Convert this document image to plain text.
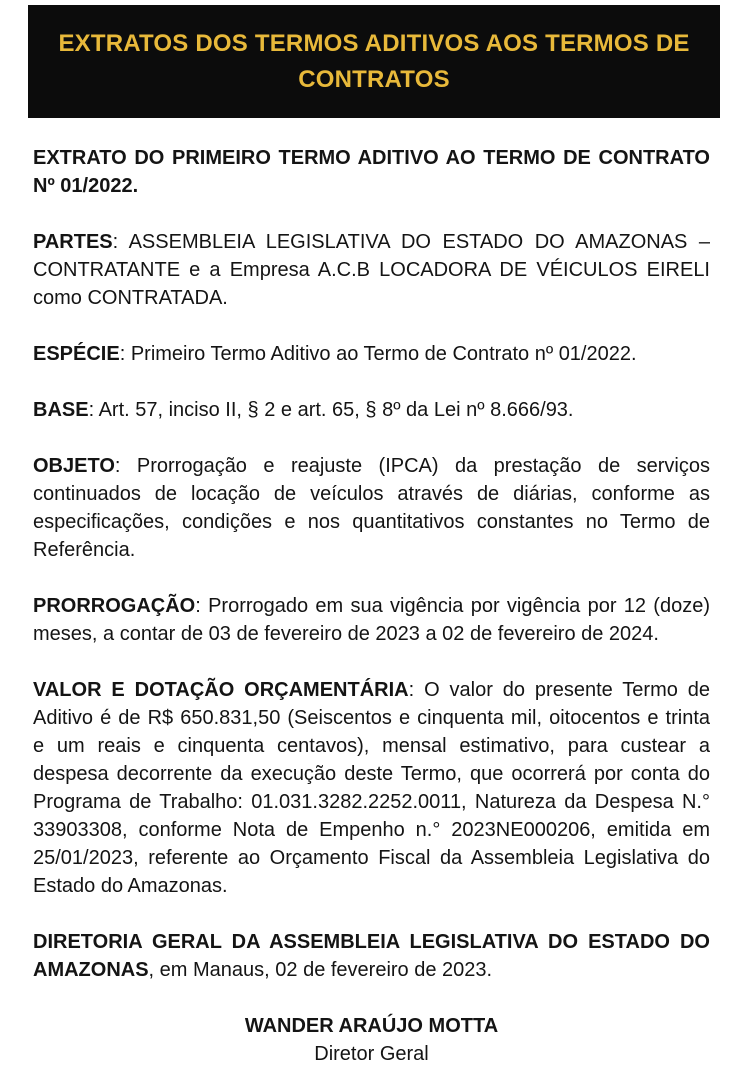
EXTRATOS DOS TERMOS ADITIVOS AOS TERMOS DE CONTRATOS

EXTRATO DO PRIMEIRO TERMO ADITIVO AO TERMO DE CONTRATO Nº 01/2022.

PARTES: ASSEMBLEIA LEGISLATIVA DO ESTADO DO AMAZONAS – CONTRATANTE e a Empresa A.C.B LOCADORA DE VÉICULOS EIRELI como CONTRATADA.

ESPÉCIE: Primeiro Termo Aditivo ao Termo de Contrato nº 01/2022.

BASE: Art. 57, inciso II, § 2 e art. 65, § 8º da Lei nº 8.666/93.

OBJETO: Prorrogação e reajuste (IPCA) da prestação de serviços continuados de locação de veículos através de diárias, conforme as especificações, condições e nos quantitativos constantes no Termo de Referência.

PRORROGAÇÃO: Prorrogado em sua vigência por vigência por 12 (doze) meses, a contar de 03 de fevereiro de 2023 a 02 de fevereiro de 2024.

VALOR E DOTAÇÃO ORÇAMENTÁRIA: O valor do presente Termo de Aditivo é de R$ 650.831,50 (Seiscentos e cinquenta mil, oitocentos e trinta e um reais e cinquenta centavos), mensal estimativo, para custear a despesa decorrente da execução deste Termo, que ocorrerá por conta do Programa de Trabalho: 01.031.3282.2252.0011, Natureza da Despesa N.° 33903308, conforme Nota de Empenho n.° 2023NE000206, emitida em 25/01/2023, referente ao Orçamento Fiscal da Assembleia Legislativa do Estado do Amazonas.

DIRETORIA GERAL DA ASSEMBLEIA LEGISLATIVA DO ESTADO DO AMAZONAS, em Manaus, 02 de fevereiro de 2023.

WANDER ARAÚJO MOTTA
Diretor Geral
